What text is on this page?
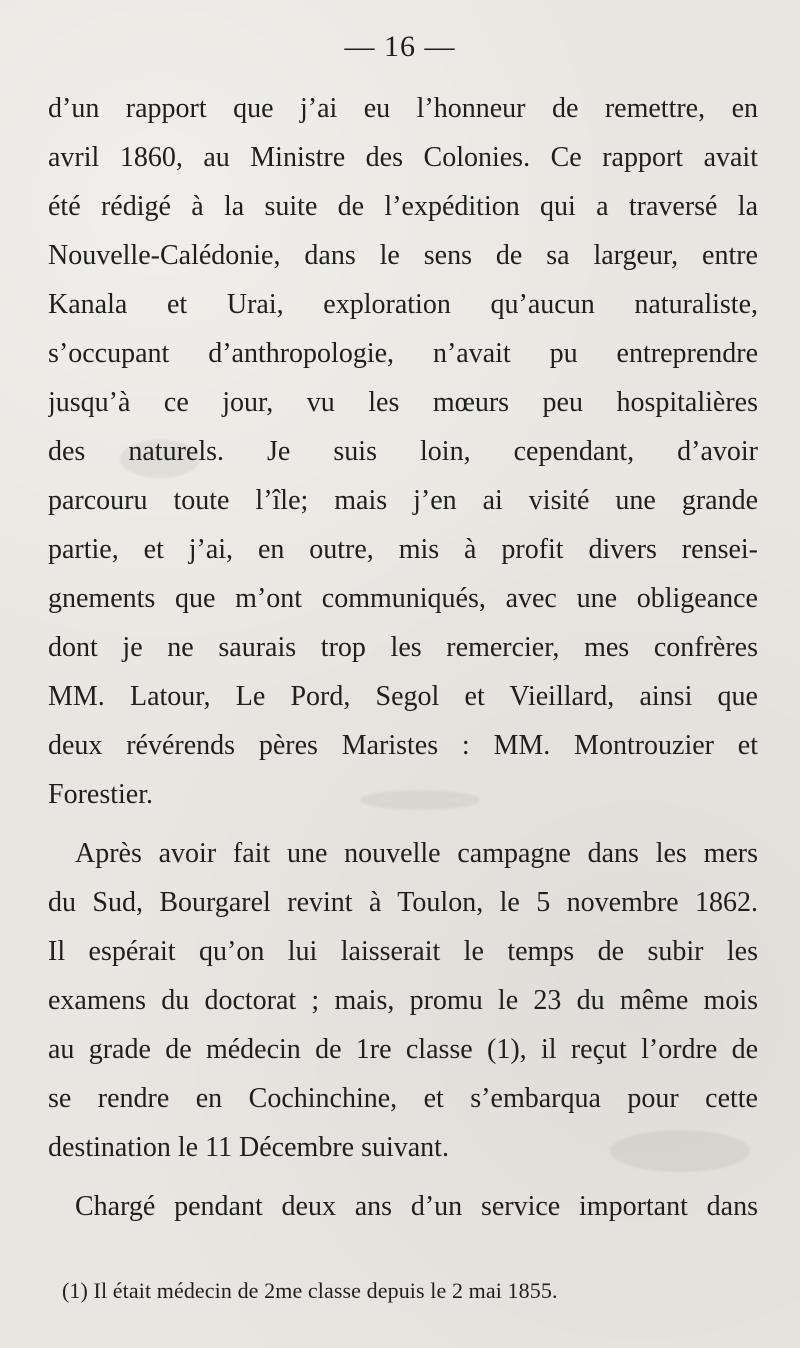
— 16 —
d’un rapport que j’ai eu l’honneur de remettre, en
avril 1860, au Ministre des Colonies. Ce rapport avait
été rédigé à la suite de l’expédition qui a traversé la
Nouvelle-Calédonie, dans le sens de sa largeur, entre
Kanala et Urai, exploration qu’aucun naturaliste,
s’occupant d’anthropologie, n’avait pu entreprendre
jusqu’à ce jour, vu les mœurs peu hospitalières
des naturels. Je suis loin, cependant, d’avoir
parcouru toute l’île; mais j’en ai visité une grande
partie, et j’ai, en outre, mis à profit divers rensei-
gnements que m’ont communiqués, avec une obligeance
dont je ne saurais trop les remercier, mes confrères
MM. Latour, Le Pord, Segol et Vieillard, ainsi que
deux révérends pères Maristes : MM. Montrouzier et
Forestier.
Après avoir fait une nouvelle campagne dans les mers
du Sud, Bourgarel revint à Toulon, le 5 novembre 1862.
Il espérait qu’on lui laisserait le temps de subir les
examens du doctorat ; mais, promu le 23 du même mois
au grade de médecin de 1re classe (1), il reçut l’ordre de
se rendre en Cochinchine, et s’embarqua pour cette
destination le 11 Décembre suivant.
Chargé pendant deux ans d’un service important dans
(1) Il était médecin de 2me classe depuis le 2 mai 1855.
